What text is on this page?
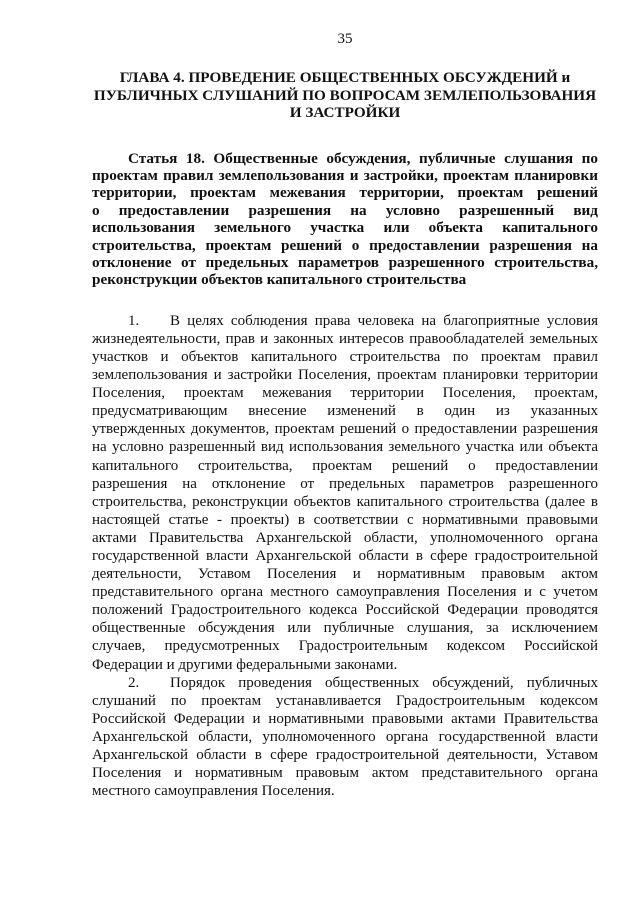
35
ГЛАВА 4. ПРОВЕДЕНИЕ ОБЩЕСТВЕННЫХ ОБСУЖДЕНИЙ и
ПУБЛИЧНЫХ СЛУШАНИЙ ПО ВОПРОСАМ ЗЕМЛЕПОЛЬЗОВАНИЯ
И ЗАСТРОЙКИ
Статья 18. Общественные обсуждения, публичные слушания по
проектам правил землепользования и застройки, проектам планировки
территории, проектам межевания территории, проектам решений
о предоставлении разрешения на условно разрешенный вид
использования земельного участка или объекта капитального
строительства, проектам решений о предоставлении разрешения на
отклонение от предельных параметров разрешенного строительства,
реконструкции объектов капитального строительства
1. В целях соблюдения права человека на благоприятные условия
жизнедеятельности, прав и законных интересов правообладателей земельных
участков и объектов капитального строительства по проектам правил
землепользования и застройки Поселения, проектам планировки территории
Поселения, проектам межевания территории Поселения, проектам,
предусматривающим внесение изменений в один из указанных
утвержденных документов, проектам решений о предоставлении разрешения
на условно разрешенный вид использования земельного участка или объекта
капитального строительства, проектам решений о предоставлении
разрешения на отклонение от предельных параметров разрешенного
строительства, реконструкции объектов капитального строительства (далее в
настоящей статье - проекты) в соответствии с нормативными правовыми
актами Правительства Архангельской области, уполномоченного органа
государственной власти Архангельской области в сфере градостроительной
деятельности, Уставом Поселения и нормативным правовым актом
представительного органа местного самоуправления Поселения и с учетом
положений Градостроительного кодекса Российской Федерации проводятся
общественные обсуждения или публичные слушания, за исключением
случаев, предусмотренных Градостроительным кодексом Российской
Федерации и другими федеральными законами.
2. Порядок проведения общественных обсуждений, публичных
слушаний по проектам устанавливается Градостроительным кодексом
Российской Федерации и нормативными правовыми актами Правительства
Архангельской области, уполномоченного органа государственной власти
Архангельской области в сфере градостроительной деятельности, Уставом
Поселения и нормативным правовым актом представительного органа
местного самоуправления Поселения.
